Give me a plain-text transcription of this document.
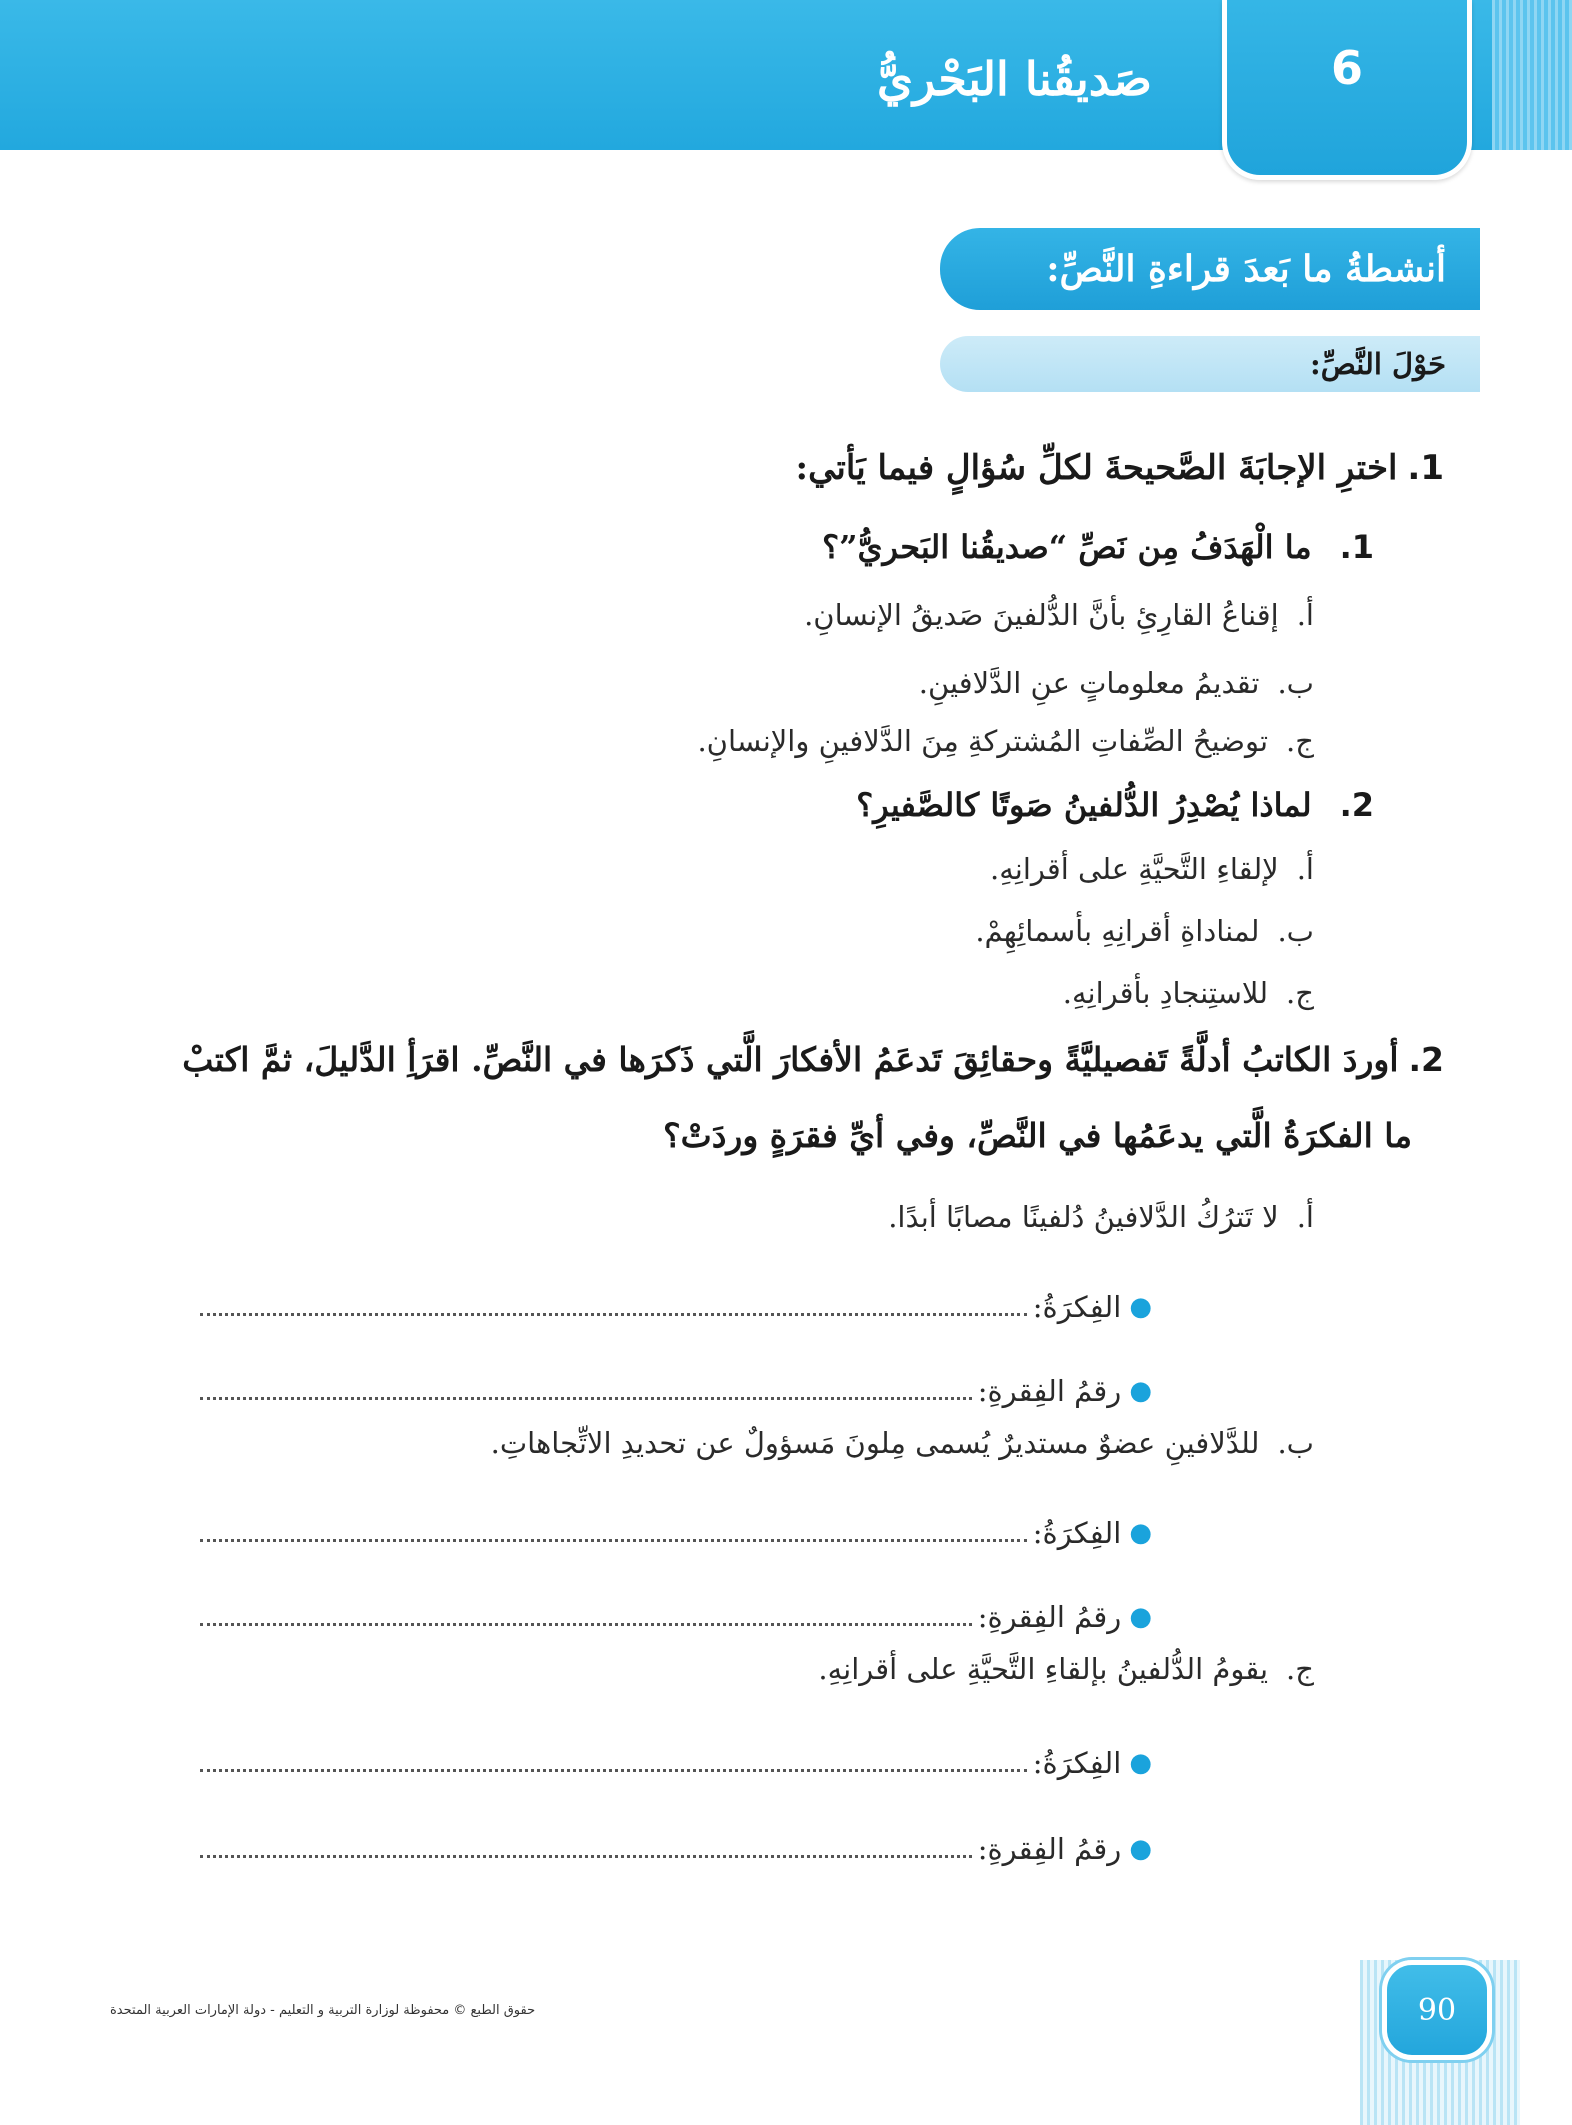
6
صَديقُنا البَحْريُّ
أنشطةُ ما بَعدَ قراءةِ النَّصِّ:
حَوْلَ النَّصِّ:
1.اخترِ الإجابَةَ الصَّحيحةَ لكلِّ سُؤالٍ فيما يَأتي:
1.ما الْهَدَفُ مِن نَصِّ “صديقُنا البَحريُّ”؟
أ.إقناعُ القارِئِ بأنَّ الدُّلفينَ صَديقُ الإنسانِ.
ب.تقديمُ معلوماتٍ عنِ الدَّلافينِ.
ج.توضيحُ الصِّفاتِ المُشتركةِ مِنَ الدَّلافينِ والإنسانِ.
2.لماذا يُصْدِرُ الدُّلفينُ صَوتًا كالصَّفيرِ؟
أ.لإلقاءِ التَّحيَّةِ على أقرانِهِ.
ب.لمناداةِ أقرانِهِ بأسمائِهِمْ.
ج.للاستِنجادِ بأقرانِهِ.
2.أوردَ الكاتبُ أدلَّةً تَفصيليَّةً وحقائِقَ تَدعَمُ الأفكارَ الَّتي ذَكرَها في النَّصِّ. اقرَأِ الدَّليلَ، ثمَّ اكتبْ
ما الفكرَةُ الَّتي يدعَمُها في النَّصِّ، وفي أيِّ فقرَةٍ وردَتْ؟
أ.لا تَترُكُ الدَّلافينُ دُلفينًا مصابًا أبدًا.
●
الفِكرَةُ:
●
رقمُ الفِقرةِ:
ب.للدَّلافينِ عضوٌ مستديرٌ يُسمى مِلونَ مَسؤولٌ عن تحديدِ الاتِّجاهاتِ.
●
الفِكرَةُ:
●
رقمُ الفِقرةِ:
ج.يقومُ الدُّلفينُ بإلقاءِ التَّحيَّةِ على أقرانِهِ.
●
الفِكرَةُ:
●
رقمُ الفِقرةِ:
حقوق الطبع © محفوظة لوزارة التربية و التعليم - دولة الإمارات العربية المتحدة	90
